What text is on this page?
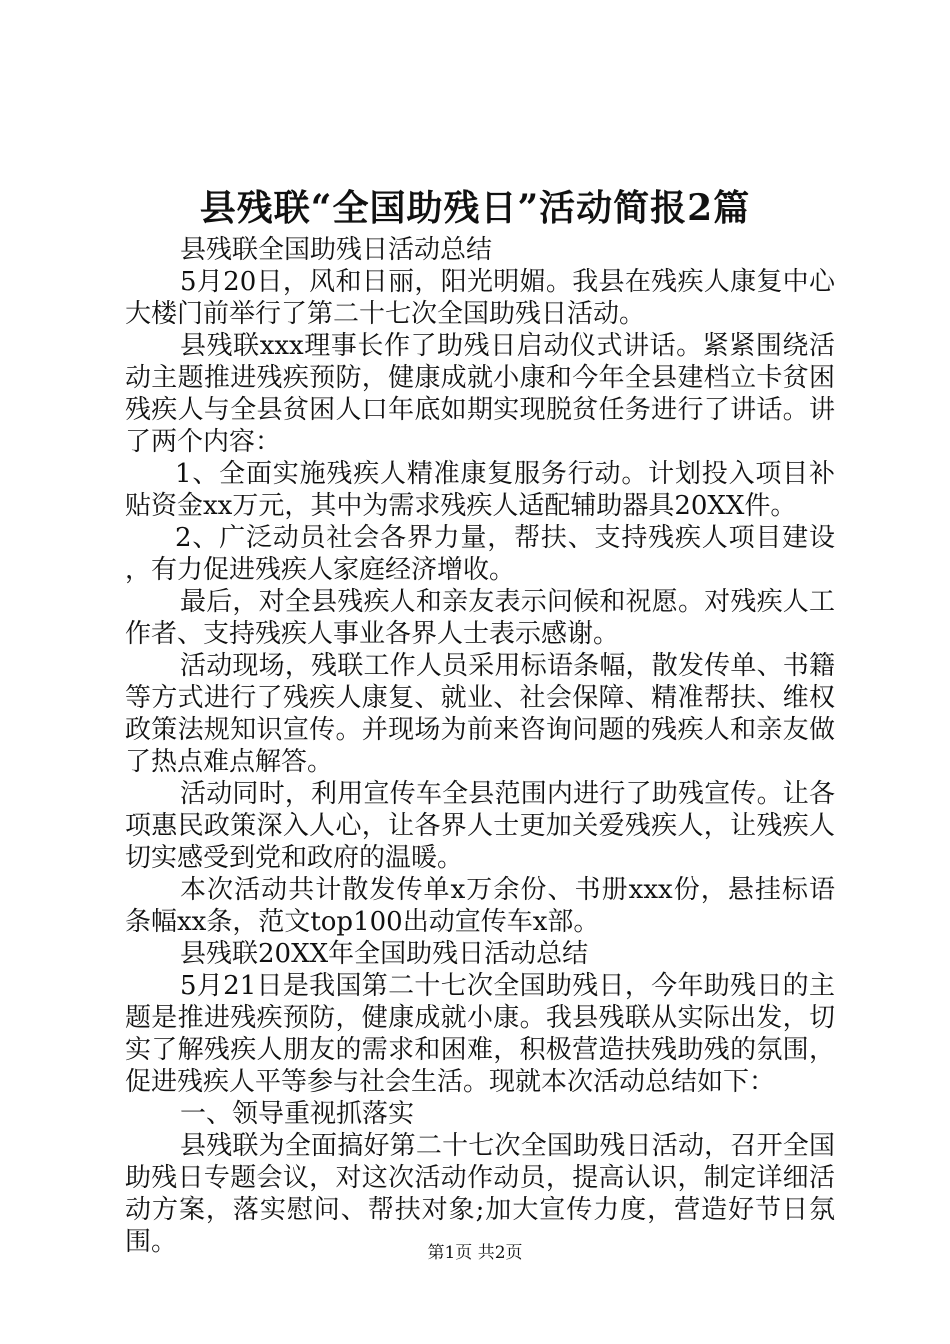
县残联“全国助残日”活动简报2篇

县残联全国助残日活动总结

5月20日，风和日丽，阳光明媚。我县在残疾人康复中心大楼门前举行了第二十七次全国助残日活动。

县残联xxx理事长作了助残日启动仪式讲话。紧紧围绕活动主题推进残疾预防，健康成就小康和今年全县建档立卡贫困残疾人与全县贫困人口年底如期实现脱贫任务进行了讲话。讲了两个内容：

1、全面实施残疾人精准康复服务行动。计划投入项目补贴资金xx万元，其中为需求残疾人适配辅助器具20XX件。

2、广泛动员社会各界力量，帮扶、支持残疾人项目建设，有力促进残疾人家庭经济增收。

最后，对全县残疾人和亲友表示问候和祝愿。对残疾人工作者、支持残疾人事业各界人士表示感谢。

活动现场，残联工作人员采用标语条幅，散发传单、书籍等方式进行了残疾人康复、就业、社会保障、精准帮扶、维权政策法规知识宣传。并现场为前来咨询问题的残疾人和亲友做了热点难点解答。

活动同时，利用宣传车全县范围内进行了助残宣传。让各项惠民政策深入人心，让各界人士更加关爱残疾人，让残疾人切实感受到党和政府的温暖。

本次活动共计散发传单x万余份、书册xxx份，悬挂标语条幅xx条，范文top100出动宣传车x部。

县残联20XX年全国助残日活动总结

5月21日是我国第二十七次全国助残日，今年助残日的主题是推进残疾预防，健康成就小康。我县残联从实际出发，切实了解残疾人朋友的需求和困难，积极营造扶残助残的氛围，促进残疾人平等参与社会生活。现就本次活动总结如下：

一、领导重视抓落实

县残联为全面搞好第二十七次全国助残日活动，召开全国助残日专题会议，对这次活动作动员，提高认识，制定详细活动方案，落实慰问、帮扶对象;加大宣传力度，营造好节日氛围。	第1页 共2页
